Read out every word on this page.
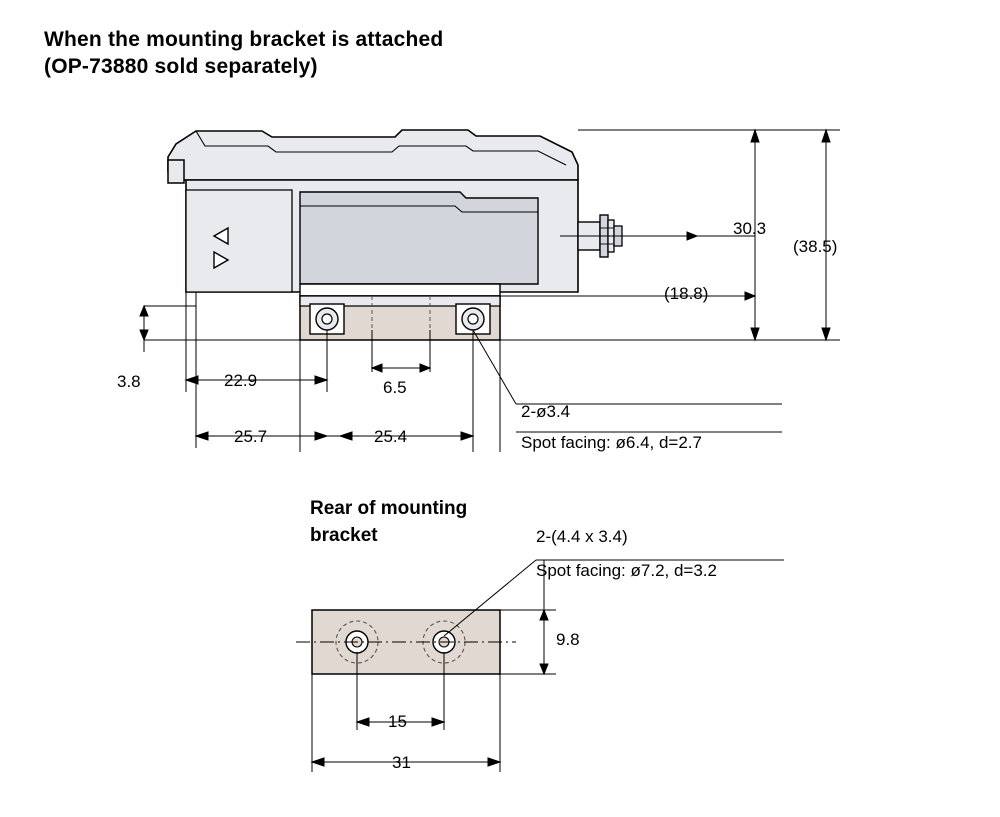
When the mounting bracket is attached
(OP-73880 sold separately)
Rear of mounting
bracket
30.3
(38.5)
(18.8)
3.8	22.9	6.5
25.7	25.4
2-ø3.4
Spot facing: ø6.4, d=2.7
2-(4.4 x 3.4)
Spot facing: ø7.2, d=3.2
9.8
15
31
